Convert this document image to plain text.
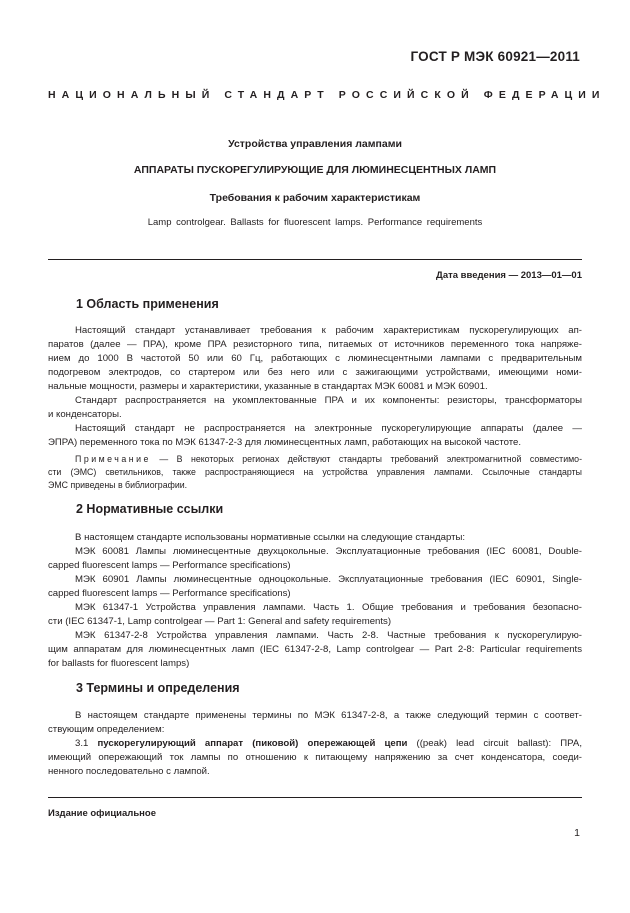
ГОСТ Р МЭК 60921—2011
НАЦИОНАЛЬНЫЙ СТАНДАРТ РОССИЙСКОЙ ФЕДЕРАЦИИ
Устройства управления лампами
АППАРАТЫ ПУСКОРЕГУЛИРУЮЩИЕ ДЛЯ ЛЮМИНЕСЦЕНТНЫХ ЛАМП
Требования к рабочим характеристикам
Lamp controlgear. Ballasts for fluorescent lamps. Performance requirements
Дата введения — 2013—01—01
1 Область применения
Настоящий стандарт устанавливает требования к рабочим характеристикам пускорегулирующих ап-
паратов (далее — ПРА), кроме ПРА резисторного типа, питаемых от источников переменного тока напряже-
нием до 1000 В частотой 50 или 60 Гц, работающих с люминесцентными лампами с предварительным
подогревом электродов, со стартером или без него или с зажигающими устройствами, имеющими номи-
нальные мощности, размеры и характеристики, указанные в стандартах МЭК 60081 и МЭК 60901.
Стандарт распространяется на укомплектованные ПРА и их компоненты: резисторы, трансформаторы
и конденсаторы.
Настоящий стандарт не распространяется на электронные пускорегулирующие аппараты (далее —
ЭПРА) переменного тока по МЭК 61347-2-3 для люминесцентных ламп, работающих на высокой частоте.
Примечание — В некоторых регионах действуют стандарты требований электромагнитной совместимо-
сти (ЭМС) светильников, также распространяющиеся на устройства управления лампами. Ссылочные стандарты
ЭМС приведены в библиографии.
2 Нормативные ссылки
В настоящем стандарте использованы нормативные ссылки на следующие стандарты:
МЭК 60081 Лампы люминесцентные двухцокольные. Эксплуатационные требования (IEC 60081, Double-
capped fluorescent lamps — Performance specifications)
МЭК 60901 Лампы люминесцентные одноцокольные. Эксплуатационные требования (IEC 60901, Single-
capped fluorescent lamps — Performance specifications)
МЭК 61347-1 Устройства управления лампами. Часть 1. Общие требования и требования безопасно-
сти (IEC 61347-1, Lamp controlgear — Part 1: General and safety requirements)
МЭК 61347-2-8 Устройства управления лампами. Часть 2-8. Частные требования к пускорегулирую-
щим аппаратам для люминесцентных ламп (IEC 61347-2-8, Lamp controlgear — Part 2-8: Particular requirements
for ballasts for fluorescent lamps)
3 Термины и определения
В настоящем стандарте применены термины по МЭК 61347-2-8, а также следующий термин с соответ-
ствующим определением:
3.1 пускорегулирующий аппарат (пиковой) опережающей цепи ((peak) lead circuit ballast): ПРА,
имеющий опережающий ток лампы по отношению к питающему напряжению за счет конденсатора, соеди-
ненного последовательно с лампой.
Издание официальное
1
